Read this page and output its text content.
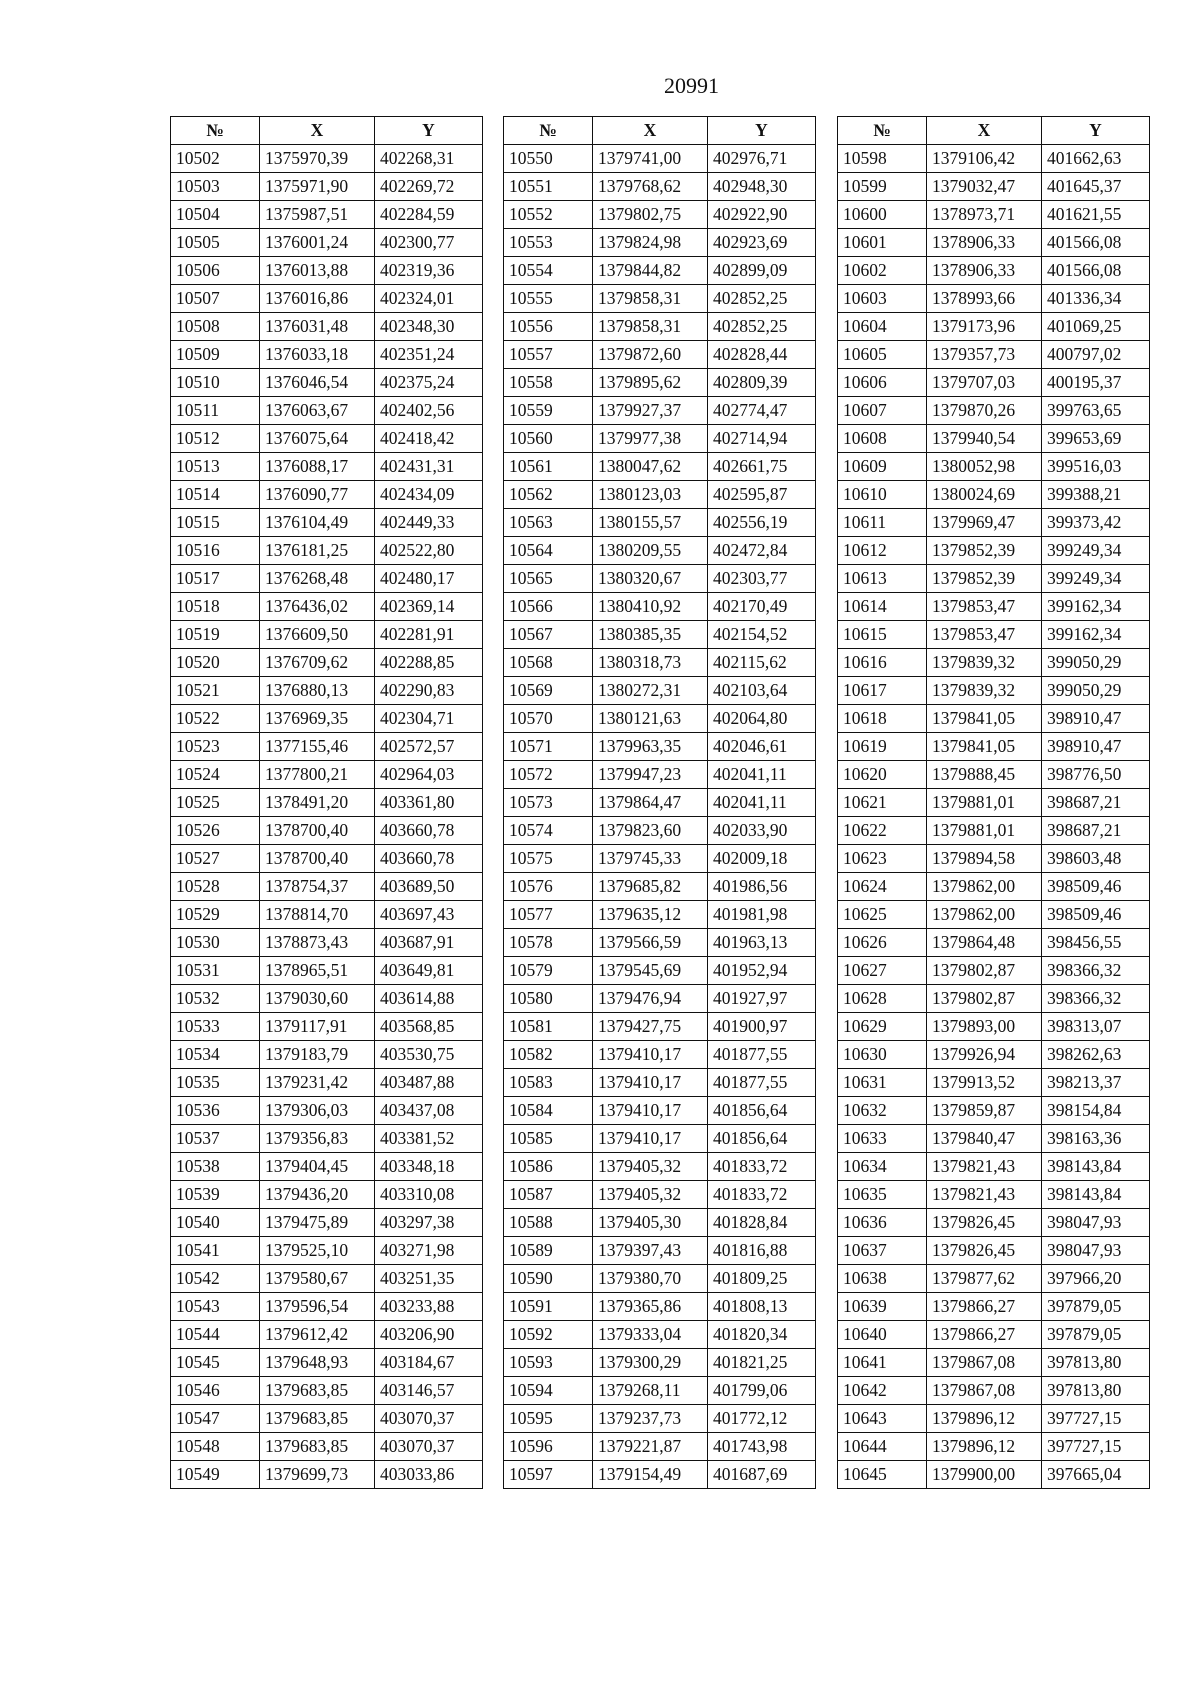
20991
№	X	Y
10502	1375970,39	402268,31
10503	1375971,90	402269,72
10504	1375987,51	402284,59
10505	1376001,24	402300,77
10506	1376013,88	402319,36
10507	1376016,86	402324,01
10508	1376031,48	402348,30
10509	1376033,18	402351,24
10510	1376046,54	402375,24
10511	1376063,67	402402,56
10512	1376075,64	402418,42
10513	1376088,17	402431,31
10514	1376090,77	402434,09
10515	1376104,49	402449,33
10516	1376181,25	402522,80
10517	1376268,48	402480,17
10518	1376436,02	402369,14
10519	1376609,50	402281,91
10520	1376709,62	402288,85
10521	1376880,13	402290,83
10522	1376969,35	402304,71
10523	1377155,46	402572,57
10524	1377800,21	402964,03
10525	1378491,20	403361,80
10526	1378700,40	403660,78
10527	1378700,40	403660,78
10528	1378754,37	403689,50
10529	1378814,70	403697,43
10530	1378873,43	403687,91
10531	1378965,51	403649,81
10532	1379030,60	403614,88
10533	1379117,91	403568,85
10534	1379183,79	403530,75
10535	1379231,42	403487,88
10536	1379306,03	403437,08
10537	1379356,83	403381,52
10538	1379404,45	403348,18
10539	1379436,20	403310,08
10540	1379475,89	403297,38
10541	1379525,10	403271,98
10542	1379580,67	403251,35
10543	1379596,54	403233,88
10544	1379612,42	403206,90
10545	1379648,93	403184,67
10546	1379683,85	403146,57
10547	1379683,85	403070,37
10548	1379683,85	403070,37
10549	1379699,73	403033,86
№	X	Y
10550	1379741,00	402976,71
10551	1379768,62	402948,30
10552	1379802,75	402922,90
10553	1379824,98	402923,69
10554	1379844,82	402899,09
10555	1379858,31	402852,25
10556	1379858,31	402852,25
10557	1379872,60	402828,44
10558	1379895,62	402809,39
10559	1379927,37	402774,47
10560	1379977,38	402714,94
10561	1380047,62	402661,75
10562	1380123,03	402595,87
10563	1380155,57	402556,19
10564	1380209,55	402472,84
10565	1380320,67	402303,77
10566	1380410,92	402170,49
10567	1380385,35	402154,52
10568	1380318,73	402115,62
10569	1380272,31	402103,64
10570	1380121,63	402064,80
10571	1379963,35	402046,61
10572	1379947,23	402041,11
10573	1379864,47	402041,11
10574	1379823,60	402033,90
10575	1379745,33	402009,18
10576	1379685,82	401986,56
10577	1379635,12	401981,98
10578	1379566,59	401963,13
10579	1379545,69	401952,94
10580	1379476,94	401927,97
10581	1379427,75	401900,97
10582	1379410,17	401877,55
10583	1379410,17	401877,55
10584	1379410,17	401856,64
10585	1379410,17	401856,64
10586	1379405,32	401833,72
10587	1379405,32	401833,72
10588	1379405,30	401828,84
10589	1379397,43	401816,88
10590	1379380,70	401809,25
10591	1379365,86	401808,13
10592	1379333,04	401820,34
10593	1379300,29	401821,25
10594	1379268,11	401799,06
10595	1379237,73	401772,12
10596	1379221,87	401743,98
10597	1379154,49	401687,69
№	X	Y
10598	1379106,42	401662,63
10599	1379032,47	401645,37
10600	1378973,71	401621,55
10601	1378906,33	401566,08
10602	1378906,33	401566,08
10603	1378993,66	401336,34
10604	1379173,96	401069,25
10605	1379357,73	400797,02
10606	1379707,03	400195,37
10607	1379870,26	399763,65
10608	1379940,54	399653,69
10609	1380052,98	399516,03
10610	1380024,69	399388,21
10611	1379969,47	399373,42
10612	1379852,39	399249,34
10613	1379852,39	399249,34
10614	1379853,47	399162,34
10615	1379853,47	399162,34
10616	1379839,32	399050,29
10617	1379839,32	399050,29
10618	1379841,05	398910,47
10619	1379841,05	398910,47
10620	1379888,45	398776,50
10621	1379881,01	398687,21
10622	1379881,01	398687,21
10623	1379894,58	398603,48
10624	1379862,00	398509,46
10625	1379862,00	398509,46
10626	1379864,48	398456,55
10627	1379802,87	398366,32
10628	1379802,87	398366,32
10629	1379893,00	398313,07
10630	1379926,94	398262,63
10631	1379913,52	398213,37
10632	1379859,87	398154,84
10633	1379840,47	398163,36
10634	1379821,43	398143,84
10635	1379821,43	398143,84
10636	1379826,45	398047,93
10637	1379826,45	398047,93
10638	1379877,62	397966,20
10639	1379866,27	397879,05
10640	1379866,27	397879,05
10641	1379867,08	397813,80
10642	1379867,08	397813,80
10643	1379896,12	397727,15
10644	1379896,12	397727,15
10645	1379900,00	397665,04
